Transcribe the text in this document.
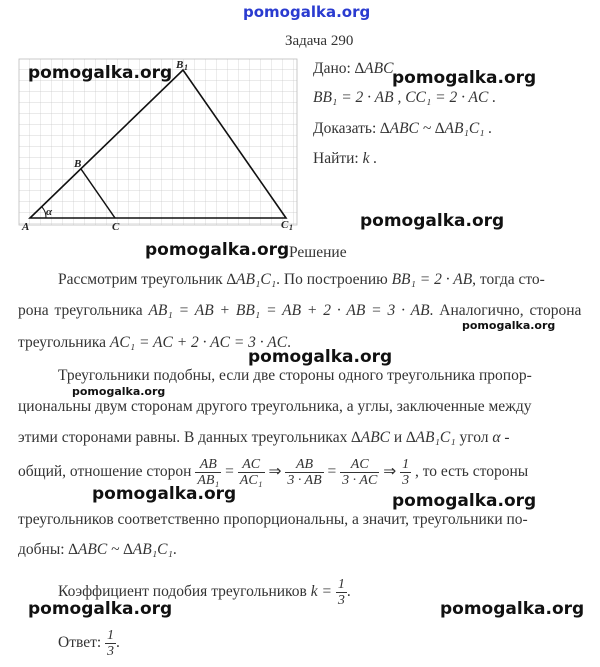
pomogalka.org
Задача 290
α
A
B
C
B 1
C 1
pomogalka.org	Дано: ∆ABC
pomogalka.org
BB₁ = 2 · AB , CC₁ = 2 · AC .
Доказать: ∆ABC ~ ∆AB₁C₁ .
Найти: k .
pomogalka.org
pomogalka.org Решение
Рассмотрим треугольник ∆AB₁C₁. По построению BB₁ = 2 · AB, тогда сто-
рона треугольника AB₁ = AB + BB₁ = AB + 2 · AB = 3 · AB. Аналогично, сторона
pomogalka.org
треугольника AC₁ = AC + 2 · AC = 3 · AC.
pomogalka.org
Треугольники подобны, если две стороны одного треугольника пропор-
pomogalka.org
циональны двум сторонам другого треугольника, а углы, заключенные между
этими сторонами равны. В данных треугольниках ∆ABC и ∆AB₁C₁ угол α -
общий, отношение сторон $\frac{AB}{\text{AB₁}} = \frac{AC}{\text{AC₁}}$ ⇒ $\frac{AB}{3 \cdot AB} = \frac{AC}{3 \cdot AC}$ ⇒ $\frac{1}{3}$ , то есть стороны
pomogalka.org	pomogalka.org
треугольников соответственно пропорциональны, а значит, треугольники по-
добны: ∆ABC ~ ∆AB₁C₁.
Коэффициент подобия треугольников $k = \frac{1}{3}$ .
pomogalka.org	pomogalka.org
Ответ: $\frac{1}{3}$ .
